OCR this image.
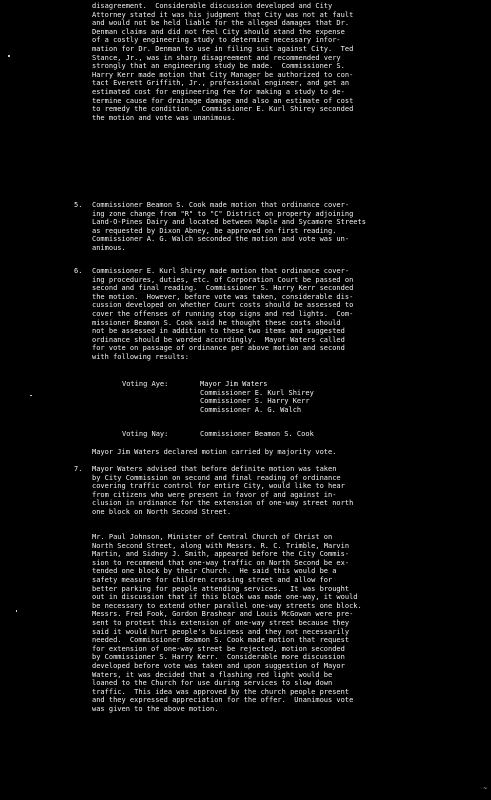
disagreement.  Considerable discussion developed and City
Attorney stated it was his judgment that City was not at fault
and would not be held liable for the alleged damages that Dr.
Denman claims and did not feel City should stand the expense
of a costly engineering study to determine necessary infor-
mation for Dr. Denman to use in filing suit against City.  Ted
Stance, Jr., was in sharp disagreement and recommended very
strongly that an engineering study be made.  Commissioner S.
Harry Kerr made motion that City Manager be authorized to con-
tact Everett Griffith, Jr., professional engineer, and get an
estimated cost for engineering fee for making a study to de-
termine cause for drainage damage and also an estimate of cost
to remedy the condition.  Commissioner E. Kurl Shirey seconded
the motion and vote was unanimous.
5. Commissioner Beamon S. Cook made motion that ordinance cover-
ing zone change from "R" to "C" District on property adjoining
Land-O-Pines Dairy and located between Maple and Sycamore Streets
as requested by Dixon Abney, be approved on first reading.
Commissioner A. G. Walch seconded the motion and vote was un-
animous.
6. Commissioner E. Kurl Shirey made motion that ordinance cover-
ing procedures, duties, etc. of Corporation Court be passed on
second and final reading.  Commissioner S. Harry Kerr seconded
the motion.  However, before vote was taken, considerable dis-
cussion developed on whether Court costs should be assessed to
cover the offenses of running stop signs and red lights.  Com-
missioner Beamon S. Cook said he thought these costs should
not be assessed in addition to these two items and suggested
ordinance should be worded accordingly.  Mayor Waters called
for vote on passage of ordinance per above motion and second
with following results:
Voting Aye:	Mayor Jim Waters
Commissioner E. Kurl Shirey
Commissioner S. Harry Kerr
Commissioner A. G. Walch
Voting Nay:	Commissioner Beamon S. Cook
Mayor Jim Waters declared motion carried by majority vote.
7. Mayor Waters advised that before definite motion was taken
by City Commission on second and final reading of ordinance
covering traffic control for entire City, would like to hear
from citizens who were present in favor of and against in-
clusion in ordinance for the extension of one-way street north
one block on North Second Street.
Mr. Paul Johnson, Minister of Central Church of Christ on
North Second Street, along with Messrs. R. C. Trimble, Marvin
Martin, and Sidney J. Smith, appeared before the City Commis-
sion to recommend that one-way traffic on North Second be ex-
tended one block by their Church.  He said this would be a
safety measure for children crossing street and allow for
better parking for people attending services.  It was brought
out in discussion that if this block was made one-way, it would
be necessary to extend other parallel one-way streets one block.
Messrs. Fred Fook, Gordon Brashear and Louis McGowan were pre-
sent to protest this extension of one-way street because they
said it would hurt people's business and they not necessarily
needed.  Commissioner Beamon S. Cook made motion that request
for extension of one-way street be rejected, motion seconded
by Commissioner S. Harry Kerr.  Considerable more discussion
developed before vote was taken and upon suggestion of Mayor
Waters, it was decided that a flashing red light would be
loaned to the Church for use during services to slow down
traffic.  This idea was approved by the church people present
and they expressed appreciation for the offer.  Unanimous vote
was given to the above motion.
~
